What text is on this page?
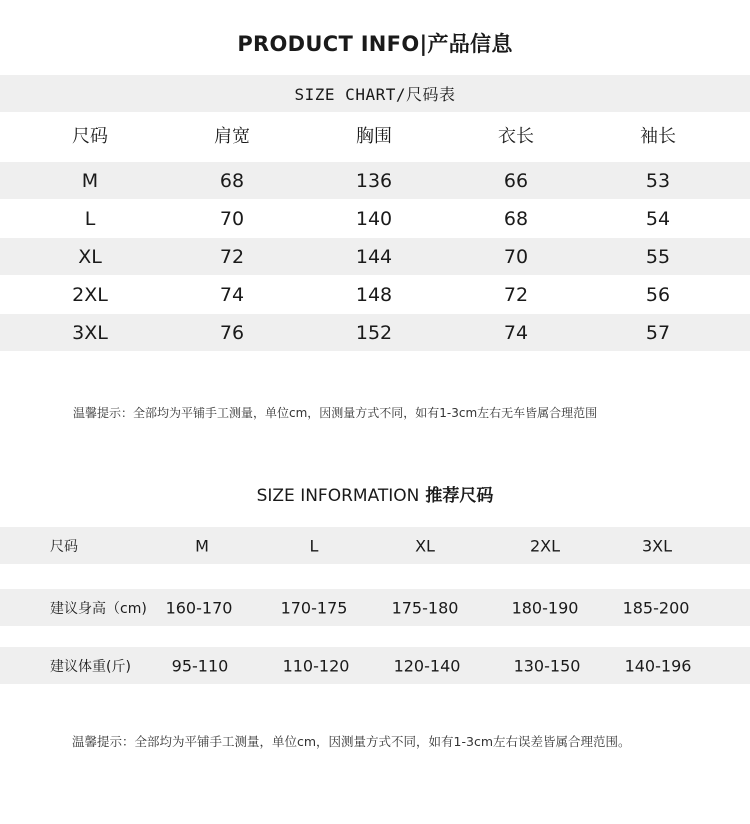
PRODUCT INFO|产品信息
SIZE CHART/尺码表
尺码	肩宽	胸围	衣长	袖长
M	68	136	66	53
L	70	140	68	54
XL	72	144	70	55
2XL	74	148	72	56
3XL	76	152	74	57
温馨提示：全部均为平铺手工测量，单位cm，因测量方式不同，如有1-3cm左右无车皆属合理范围
SIZE INFORMATION 推荐尺码
尺码	M	L	XL	2XL	3XL
建议身高（cm) 160-170	170-175	175-180	180-190	185-200
建议体重(斤)	95-110	110-120	120-140	130-150	140-196
温馨提示：全部均为平铺手工测量，单位cm，因测量方式不同，如有1-3cm左右误差皆属合理范围。
